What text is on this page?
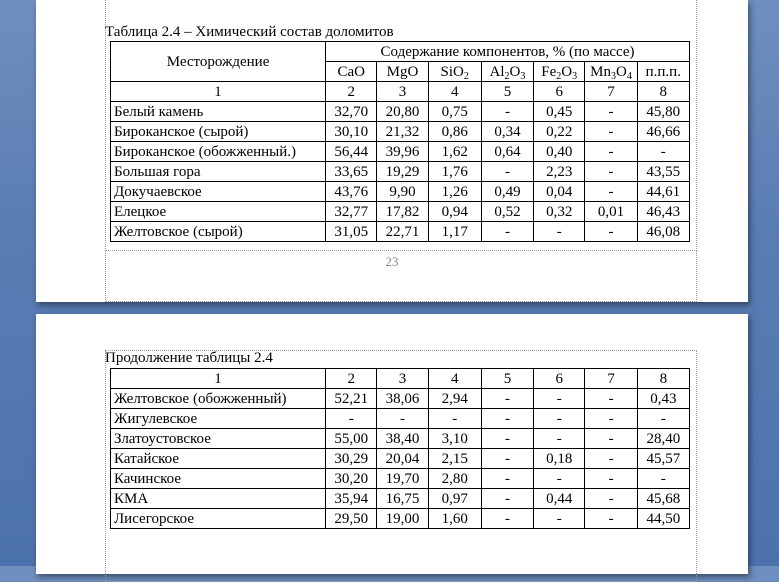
Таблица 2.4 – Химический состав доломитов
Месторождение	Содержание компонентов, % (по массе)						
	CaO	MgO	SiO$_2$	$Al_2O_3$	$Fe_2O_3$	$Mn_3O_4$	п.п.п.
1	2	3	4	5	6	7	8
Белый камень	32,70	20,80	0,75	-	0,45	-	45,80
Бироканское (сырой)	30,10	21,32	0,86	0,34	0,22	-	46,66
Бироканское (обожженный.)	56,44	39,96	1,62	0,64	0,40	-	-
Большая гора	33,65	19,29	1,76	-	2,23	-	43,55
Докучаевское	43,76	9,90	1,26	0,49	0,04	-	44,61
Елецкое	32,77	17,82	0,94	0,52	0,32	0,01	46,43
Желтовское (сырой)	31,05	22,71	1,17	-	-	-	46,08
23
Продолжение таблицы 2.4
1	2	3	4	5	6	7	8
Желтовское (обожженный)	52,21	38,06	2,94	-	-	-	0,43
Жигулевское	-	-	-	-	-	-	-
Златоустовское	55,00	38,40	3,10	-	-	-	28,40
Катайское	30,29	20,04	2,15	-	0,18	-	45,57
Качинское	30,20	19,70	2,80	-	-	-	-
КМА	35,94	16,75	0,97	-	0,44	-	45,68
Лисегорское	29,50	19,00	1,60	-	-	-	44,50
